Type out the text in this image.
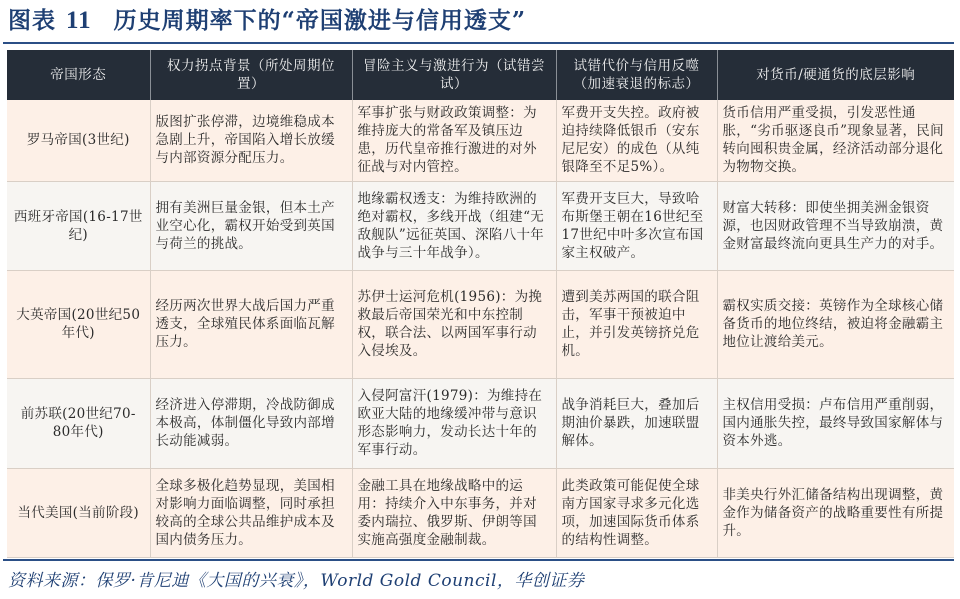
图表 11 历史周期率下的“帝国激进与信用透支”
帝国形态	权力拐点背景（所处周期位置）	冒险主义与激进行为（试错尝试）	试错代价与信用反噬（加速衰退的标志）	对货币/硬通货的底层影响
罗马帝国(3世纪)	版图扩张停滞，边境维稳成本急剧上升，帝国陷入增长放缓与内部资源分配压力。	军事扩张与财政政策调整：为维持庞大的常备军及镇压边患，历代皇帝推行激进的对外征战与对内管控。	军费开支失控。政府被迫持续降低银币（安东尼尼安）的成色（从纯银降至不足5%）。	货币信用严重受损，引发恶性通胀，“劣币驱逐良币”现象显著，民间转向囤积贵金属，经济活动部分退化为物物交换。
西班牙帝国(16-17世纪)	拥有美洲巨量金银，但本土产业空心化，霸权开始受到英国与荷兰的挑战。	地缘霸权透支：为维持欧洲的绝对霸权，多线开战（组建“无敌舰队”远征英国、深陷八十年战争与三十年战争）。	军费开支巨大，导致哈布斯堡王朝在16世纪至17世纪中叶多次宣布国家主权破产。	财富大转移：即使坐拥美洲金银资源，也因财政管理不当导致崩溃，黄金财富最终流向更具生产力的对手。
大英帝国(20世纪50年代)	经历两次世界大战后国力严重透支，全球殖民体系面临瓦解压力。	苏伊士运河危机(1956)：为挽救最后帝国荣光和中东控制权，联合法、以两国军事行动入侵埃及。	遭到美苏两国的联合阻击，军事干预被迫中止，并引发英镑挤兑危机。	霸权实质交接：英镑作为全球核心储备货币的地位终结，被迫将金融霸主地位让渡给美元。
前苏联(20世纪70-80年代)	经济进入停滞期，冷战防御成本极高，体制僵化导致内部增长动能减弱。	入侵阿富汗(1979)：为维持在欧亚大陆的地缘缓冲带与意识形态影响力，发动长达十年的军事行动。	战争消耗巨大，叠加后期油价暴跌，加速联盟解体。	主权信用受损：卢布信用严重削弱，国内通胀失控，最终导致国家解体与资本外逃。
当代美国(当前阶段)	全球多极化趋势显现，美国相对影响力面临调整，同时承担较高的全球公共品维护成本及国内债务压力。	金融工具在地缘战略中的运用：持续介入中东事务，并对委内瑞拉、俄罗斯、伊朗等国实施高强度金融制裁。	此类政策可能促使全球南方国家寻求多元化选项，加速国际货币体系的结构性调整。	非美央行外汇储备结构出现调整，黄金作为储备资产的战略重要性有所提升。
资料来源：保罗·肯尼迪《大国的兴衰》，World Gold Council，华创证券
